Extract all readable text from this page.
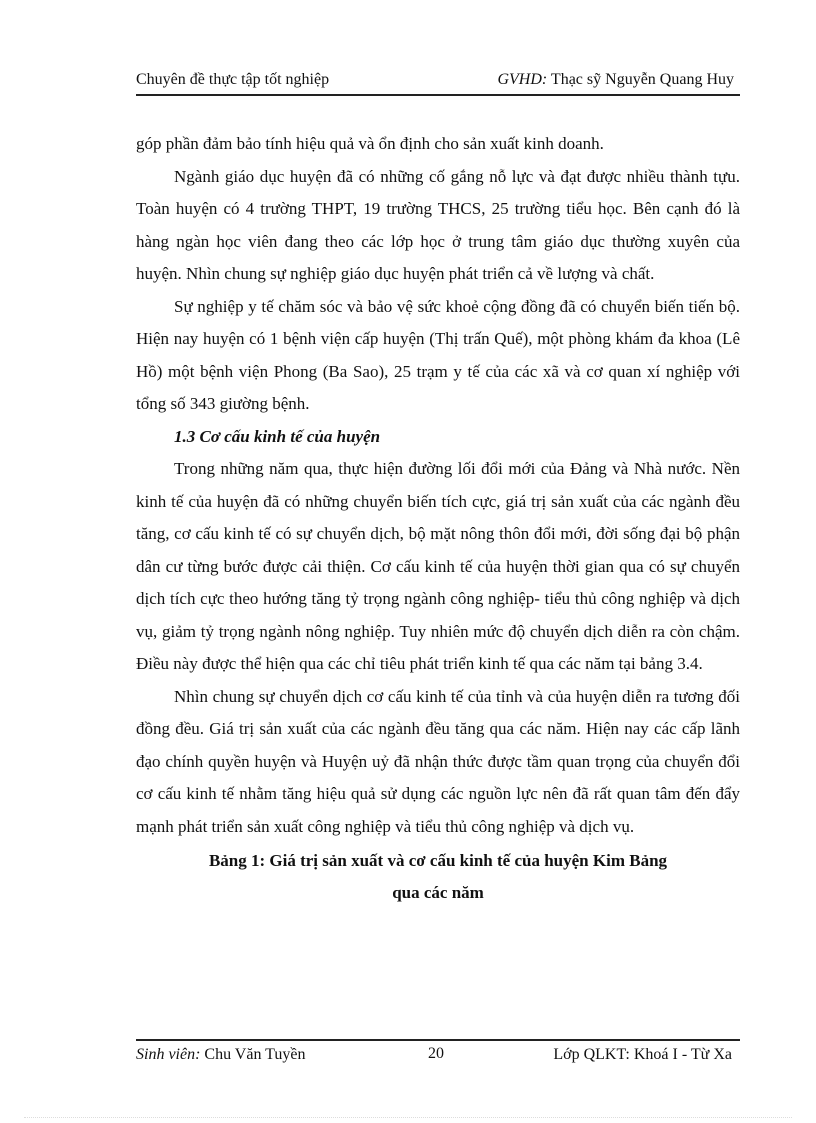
Chuyên đề thực tập tốt nghiệp	GVHD: Thạc sỹ Nguyễn Quang Huy

góp phần đảm bảo tính hiệu quả và ổn định cho sản xuất kinh doanh.

Ngành giáo dục huyện đã có những cố gắng nỗ lực và đạt được nhiều thành tựu. Toàn huyện có 4 trường THPT, 19 trường THCS, 25 trường tiểu học. Bên cạnh đó là hàng ngàn học viên đang theo các lớp học ở trung tâm giáo dục thường xuyên của huyện. Nhìn chung sự nghiệp giáo dục huyện phát triển cả về lượng và chất.

Sự nghiệp y tế chăm sóc và bảo vệ sức khoẻ cộng đồng đã có chuyển biến tiến bộ. Hiện nay huyện có 1 bệnh viện cấp huyện (Thị trấn Quế), một phòng khám đa khoa (Lê Hồ) một bệnh viện Phong (Ba Sao), 25 trạm y tế của các xã và cơ quan xí nghiệp với tổng số 343 giường bệnh.

1.3 Cơ cấu kinh tế của huyện

Trong những năm qua, thực hiện đường lối đổi mới của Đảng và Nhà nước. Nền kinh tế của huyện đã có những chuyển biến tích cực, giá trị sản xuất của các ngành đều tăng, cơ cấu kinh tế có sự chuyển dịch, bộ mặt nông thôn đổi mới, đời sống đại bộ phận dân cư từng bước được cải thiện. Cơ cấu kinh tế của huyện thời gian qua có sự chuyển dịch tích cực theo hướng tăng tỷ trọng ngành công nghiệp- tiểu thủ công nghiệp và dịch vụ, giảm tỷ trọng ngành nông nghiệp. Tuy nhiên mức độ chuyển dịch diễn ra còn chậm. Điều này được thể hiện qua các chỉ tiêu phát triển kinh tế qua các năm tại bảng 3.4.

Nhìn chung sự chuyển dịch cơ cấu kinh tế của tỉnh và của huyện diễn ra tương đối đồng đều. Giá trị sản xuất của các ngành đều tăng qua các năm. Hiện nay các cấp lãnh đạo chính quyền huyện và Huyện uỷ đã nhận thức được tầm quan trọng của chuyển đổi cơ cấu kinh tế nhằm tăng hiệu quả sử dụng các nguồn lực nên đã rất quan tâm đến đẩy mạnh phát triển sản xuất công nghiệp và tiểu thủ công nghiệp và dịch vụ.

Bảng 1: Giá trị sản xuất và cơ cấu kinh tế của huyện Kim Bảng

qua các năm

Sinh viên: Chu Văn Tuyền	20	Lớp QLKT: Khoá I - Từ Xa
